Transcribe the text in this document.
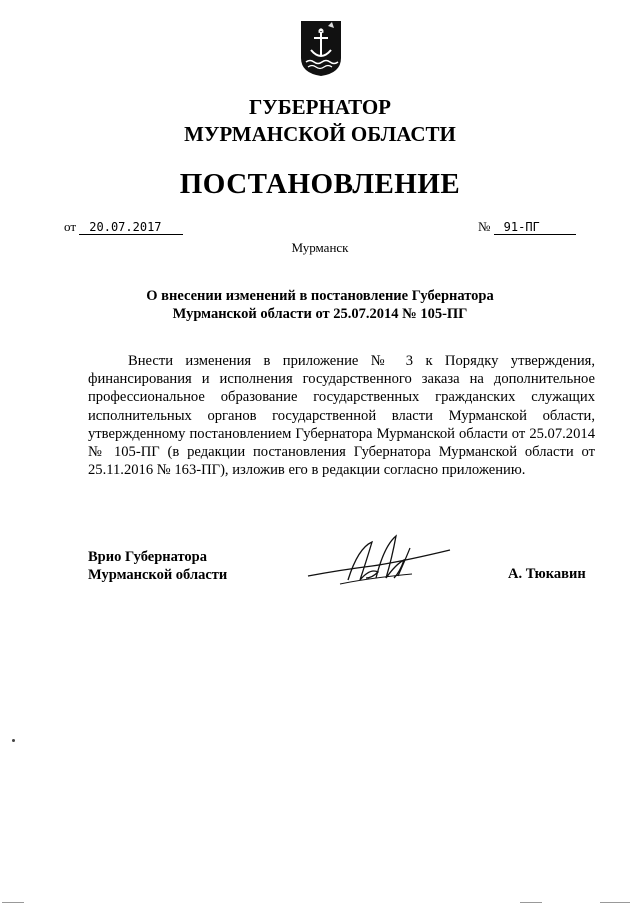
ГУБЕРНАТОР
МУРМАНСКОЙ ОБЛАСТИ
ПОСТАНОВЛЕНИЕ
от 20.07.2017	№ 91-ПГ
Мурманск
О внесении изменений в постановление Губернатора
Мурманской области от 25.07.2014 № 105-ПГ
Внести изменения в приложение № 3 к Порядку утверждения, финансирования и исполнения государственного заказа на дополнительное профессиональное образование государственных гражданских служащих исполнительных органов государственной власти Мурманской области, утвержденному постановлением Губернатора Мурманской области от 25.07.2014 № 105-ПГ (в редакции постановления Губернатора Мурманской области от 25.11.2016 № 163-ПГ), изложив его в редакции согласно приложению.
Врио Губернатора
Мурманской области	А. Тюкавин
